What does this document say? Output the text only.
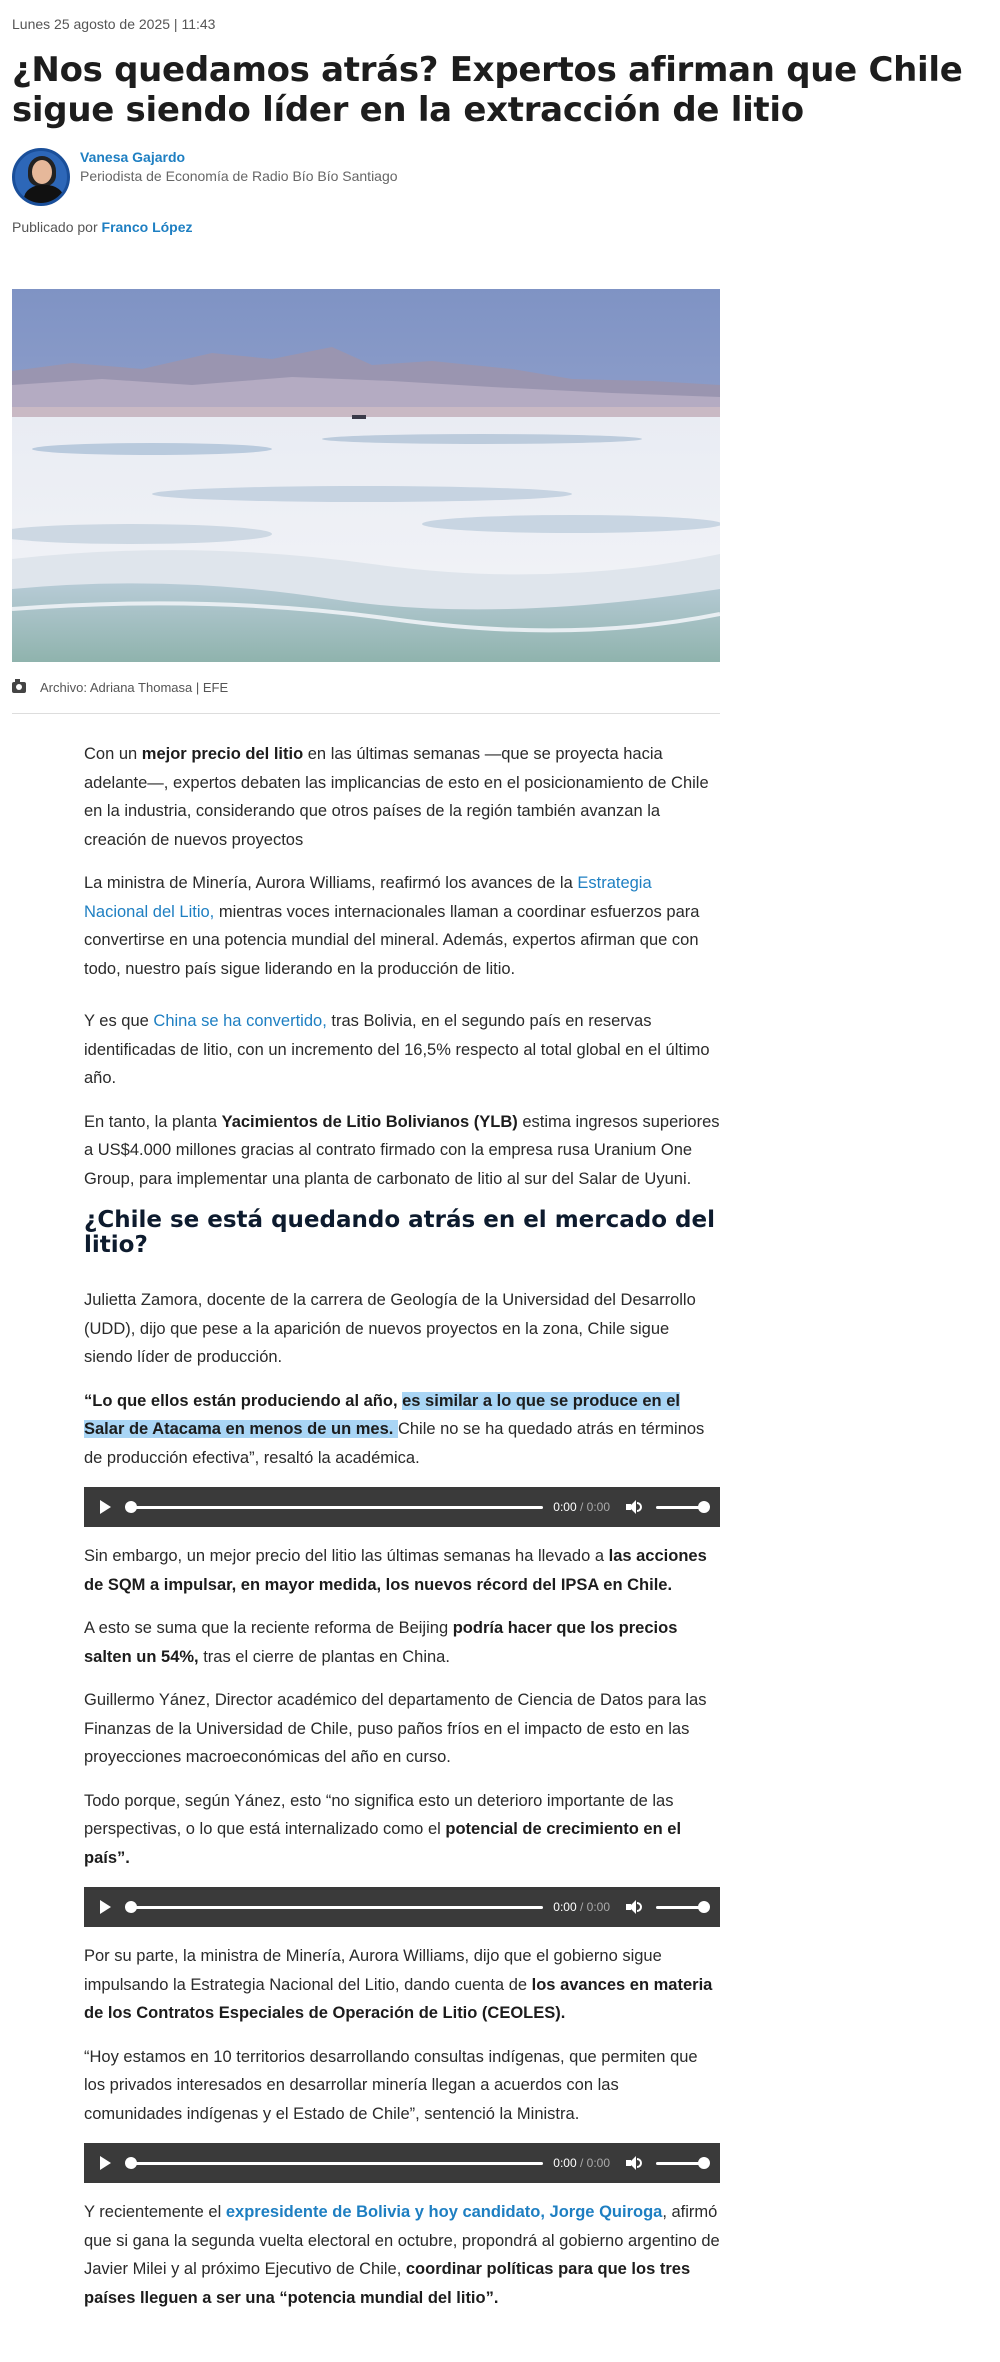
Lunes 25 agosto de 2025 | 11:43
¿Nos quedamos atrás? Expertos afirman que Chile sigue siendo líder en la extracción de litio
Vanesa Gajardo
Periodista de Economía de Radio Bío Bío Santiago
Publicado por Franco López
Archivo: Adriana Thomasa | EFE

Con un mejor precio del litio en las últimas semanas —que se proyecta hacia adelante—, expertos debaten las implicancias de esto en el posicionamiento de Chile en la industria, considerando que otros países de la región también avanzan la creación de nuevos proyectos

La ministra de Minería, Aurora Williams, reafirmó los avances de la Estrategia Nacional del Litio, mientras voces internacionales llaman a coordinar esfuerzos para convertirse en una potencia mundial del mineral. Además, expertos afirman que con todo, nuestro país sigue liderando en la producción de litio.

Y es que China se ha convertido, tras Bolivia, en el segundo país en reservas identificadas de litio, con un incremento del 16,5% respecto al total global en el último año.

En tanto, la planta Yacimientos de Litio Bolivianos (YLB) estima ingresos superiores a US$4.000 millones gracias al contrato firmado con la empresa rusa Uranium One Group, para implementar una planta de carbonato de litio al sur del Salar de Uyuni.

¿Chile se está quedando atrás en el mercado del litio?

Julietta Zamora, docente de la carrera de Geología de la Universidad del Desarrollo (UDD), dijo que pese a la aparición de nuevos proyectos en la zona, Chile sigue siendo líder de producción.

“Lo que ellos están produciendo al año, es similar a lo que se produce en el Salar de Atacama en menos de un mes. Chile no se ha quedado atrás en términos de producción efectiva”, resaltó la académica.

0:00 / 0:00

Sin embargo, un mejor precio del litio las últimas semanas ha llevado a las acciones de SQM a impulsar, en mayor medida, los nuevos récord del IPSA en Chile.

A esto se suma que la reciente reforma de Beijing podría hacer que los precios salten un 54%, tras el cierre de plantas en China.

Guillermo Yánez, Director académico del departamento de Ciencia de Datos para las Finanzas de la Universidad de Chile, puso paños fríos en el impacto de esto en las proyecciones macroeconómicas del año en curso.

Todo porque, según Yánez, esto “no significa esto un deterioro importante de las perspectivas, o lo que está internalizado como el potencial de crecimiento en el país”.

0:00 / 0:00

Por su parte, la ministra de Minería, Aurora Williams, dijo que el gobierno sigue impulsando la Estrategia Nacional del Litio, dando cuenta de los avances en materia de los Contratos Especiales de Operación de Litio (CEOLES).

“Hoy estamos en 10 territorios desarrollando consultas indígenas, que permiten que los privados interesados en desarrollar minería llegan a acuerdos con las comunidades indígenas y el Estado de Chile”, sentenció la Ministra.

0:00 / 0:00

Y recientemente el expresidente de Bolivia y hoy candidato, Jorge Quiroga, afirmó que si gana la segunda vuelta electoral en octubre, propondrá al gobierno argentino de Javier Milei y al próximo Ejecutivo de Chile, coordinar políticas para que los tres países lleguen a ser una “potencia mundial del litio”.
